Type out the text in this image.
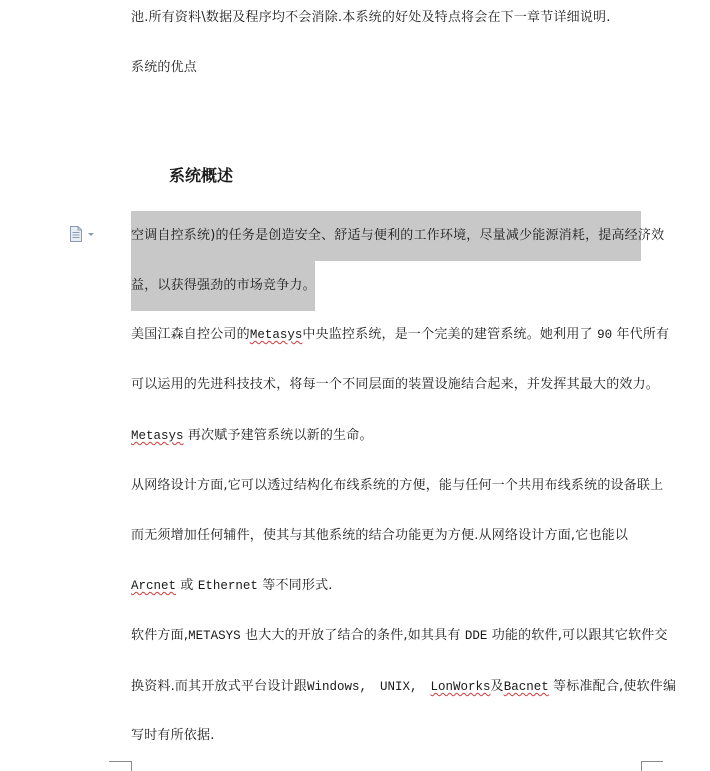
池.所有资料\数据及程序均不会消除.本系统的好处及特点将会在下一章节详细说明.
系统的优点
系统概述
空调自控系统)的任务是创造安全、舒适与便利的工作环境，尽量减少能源消耗，提高经济效
益，以获得强劲的市场竞争力。
美国江森自控公司的Metasys中央监控系统，是一个完美的建管系统。她利用了 90 年代所有
可以运用的先进科技技术，将每一个不同层面的装置设施结合起来，并发挥其最大的效力。
Metasys 再次赋予建管系统以新的生命。
从网络设计方面,它可以透过结构化布线系统的方便，能与任何一个共用布线系统的设备联上
而无须增加任何辅件，使其与其他系统的结合功能更为方便.从网络设计方面,它也能以
Arcnet 或 Ethernet 等不同形式.
软件方面,METASYS 也大大的开放了结合的条件,如其具有 DDE 功能的软件,可以跟其它软件交
换资料.而其开放式平台设计跟Windows, UNIX, LonWorks及Bacnet 等标准配合,使软件编
写时有所依据.
